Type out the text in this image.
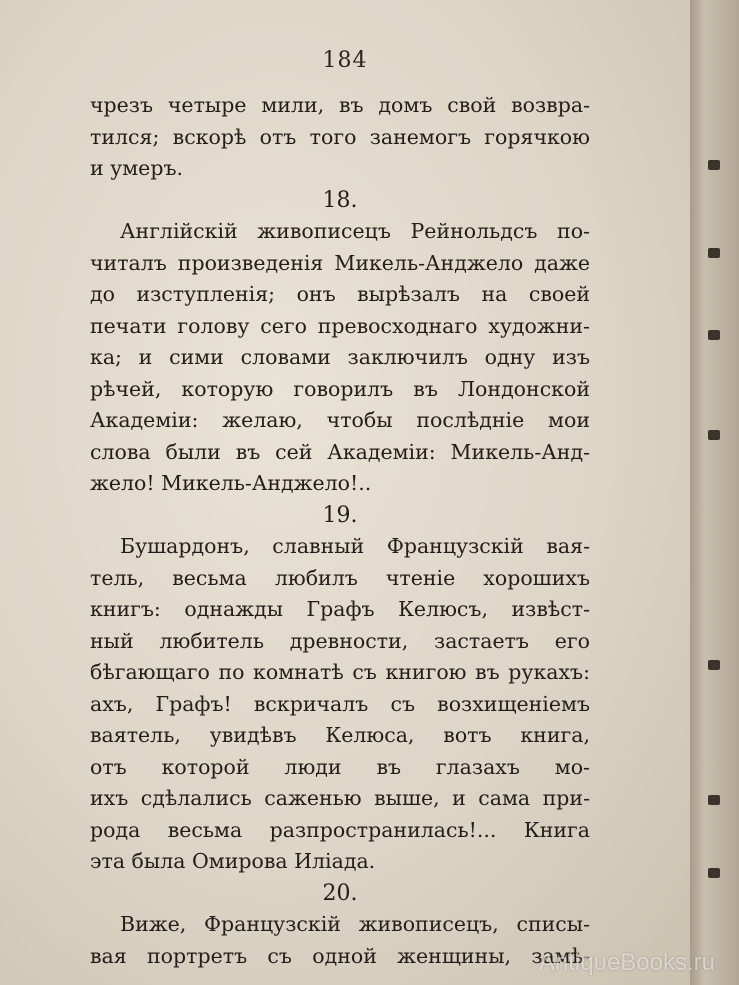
184
чрезъ четыре мили, въ домъ свой возвра-
тился; вскорѣ отъ того занемогъ горячкою
и умеръ.
18.
Англійскій живописецъ Рейнольдсъ по-
читалъ произведенія Микель-Анджело даже
до изступленія; онъ вырѣзалъ на своей
печати голову сего превосходнаго художни-
ка; и сими словами заключилъ одну изъ
рѣчей, которую говорилъ въ Лондонской
Академіи: желаю, чтобы послѣдніе мои
слова были въ сей Академіи: Микель-Анд-
жело! Микель-Анджело!..
19.
Бушардонъ, славный Французскій вая-
тель, весьма любилъ чтеніе хорошихъ
книгъ: однажды Графъ Келюсъ, извѣст-
ный любитель древности, застаетъ его
бѣгающаго по комнатѣ съ книгою въ рукахъ:
ахъ, Графъ! вскричалъ съ возхищеніемъ
ваятель, увидѣвъ Келюса, вотъ книга,
отъ которой люди въ глазахъ мо-
ихъ сдѣлались саженью выше, и сама при-
рода весьма разпространилась!... Книга
эта была Омирова Иліада.
20.
Виже, Французскій живописецъ, списы-
вая портретъ съ одной женщины, замѣ-
AntiqueBooks.ru
